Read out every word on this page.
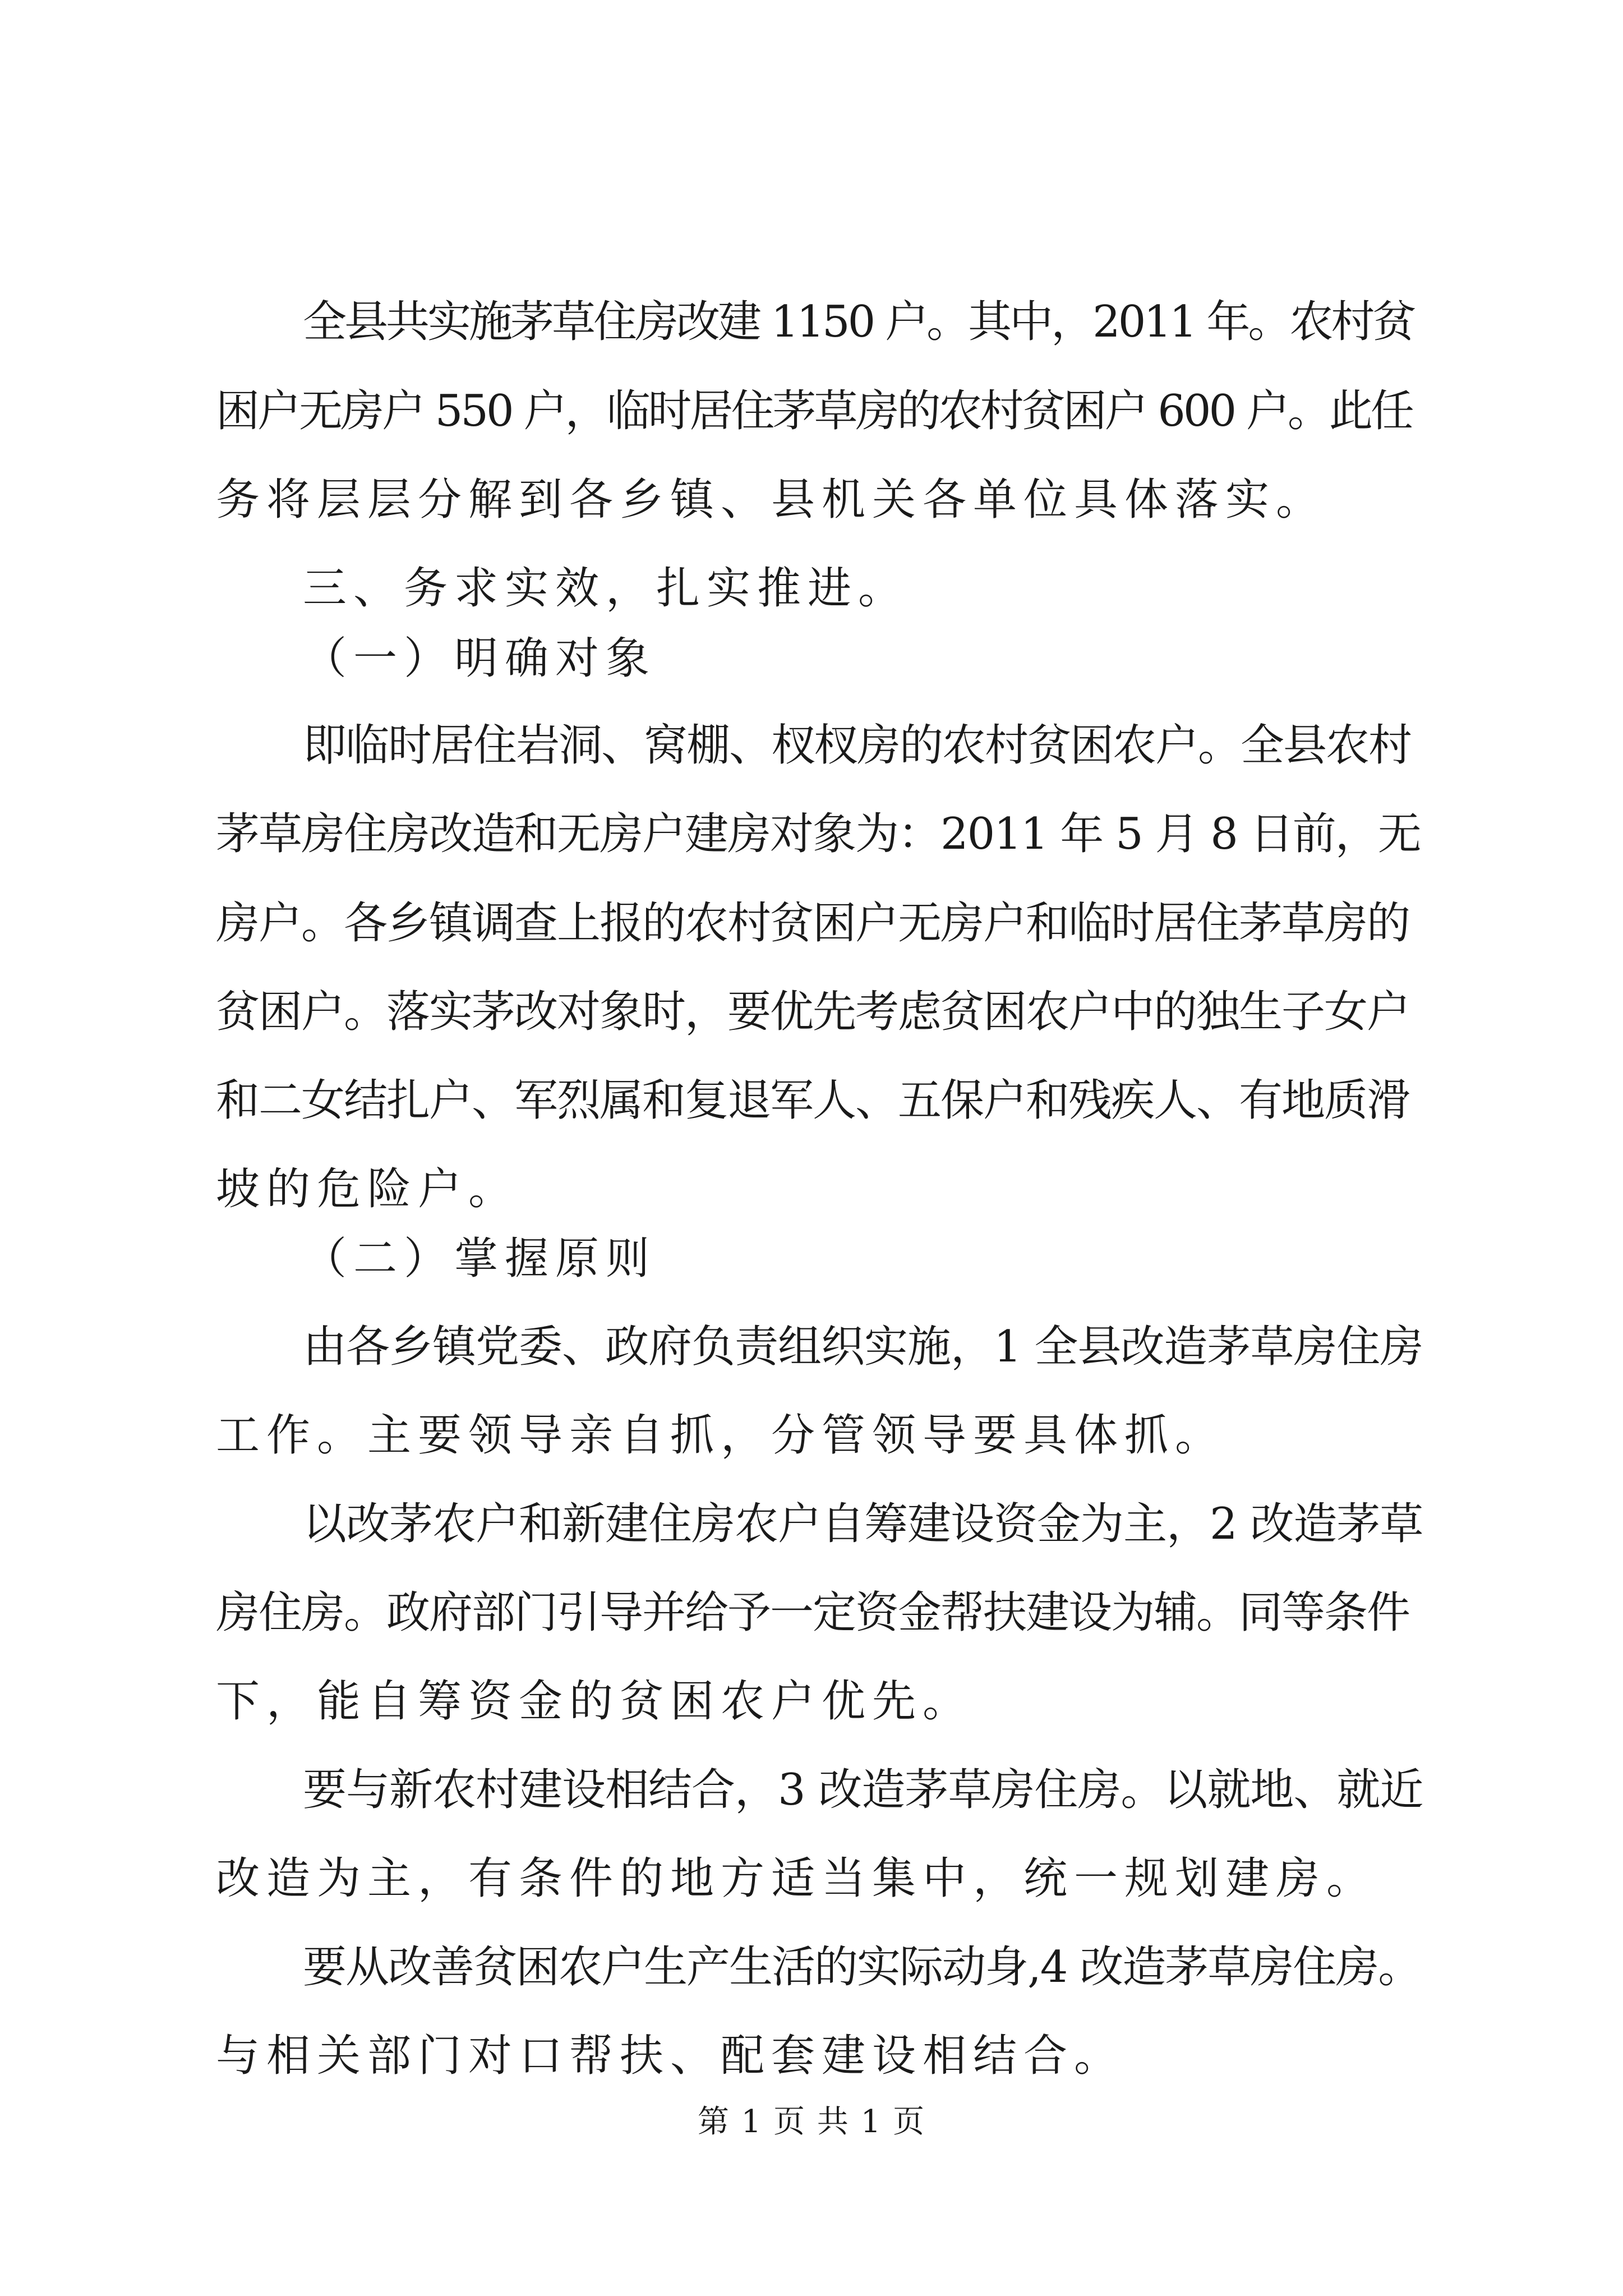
全县共实施茅草住房改建 1150 户。其中，2011 年。农村贫
困户无房户 550 户，临时居住茅草房的农村贫困户 600 户。此任
务将层层分解到各乡镇、县机关各单位具体落实。
三、务求实效，扎实推进。
（一）明确对象
即临时居住岩洞、窝棚、杈杈房的农村贫困农户。全县农村
茅草房住房改造和无房户建房对象为：2011 年 5 月 8 日前，无
房户。各乡镇调查上报的农村贫困户无房户和临时居住茅草房的
贫困户。落实茅改对象时，要优先考虑贫困农户中的独生子女户
和二女结扎户、军烈属和复退军人、五保户和残疾人、有地质滑
坡的危险户。
（二）掌握原则
由各乡镇党委、政府负责组织实施，1 全县改造茅草房住房
工作。主要领导亲自抓，分管领导要具体抓。
以改茅农户和新建住房农户自筹建设资金为主，2 改造茅草
房住房。政府部门引导并给予一定资金帮扶建设为辅。同等条件
下，能自筹资金的贫困农户优先。
要与新农村建设相结合，3 改造茅草房住房。以就地、就近
改造为主，有条件的地方适当集中，统一规划建房。
要从改善贫困农户生产生活的实际动身,4 改造茅草房住房。
与相关部门对口帮扶、配套建设相结合。
第 1 页 共 1 页
